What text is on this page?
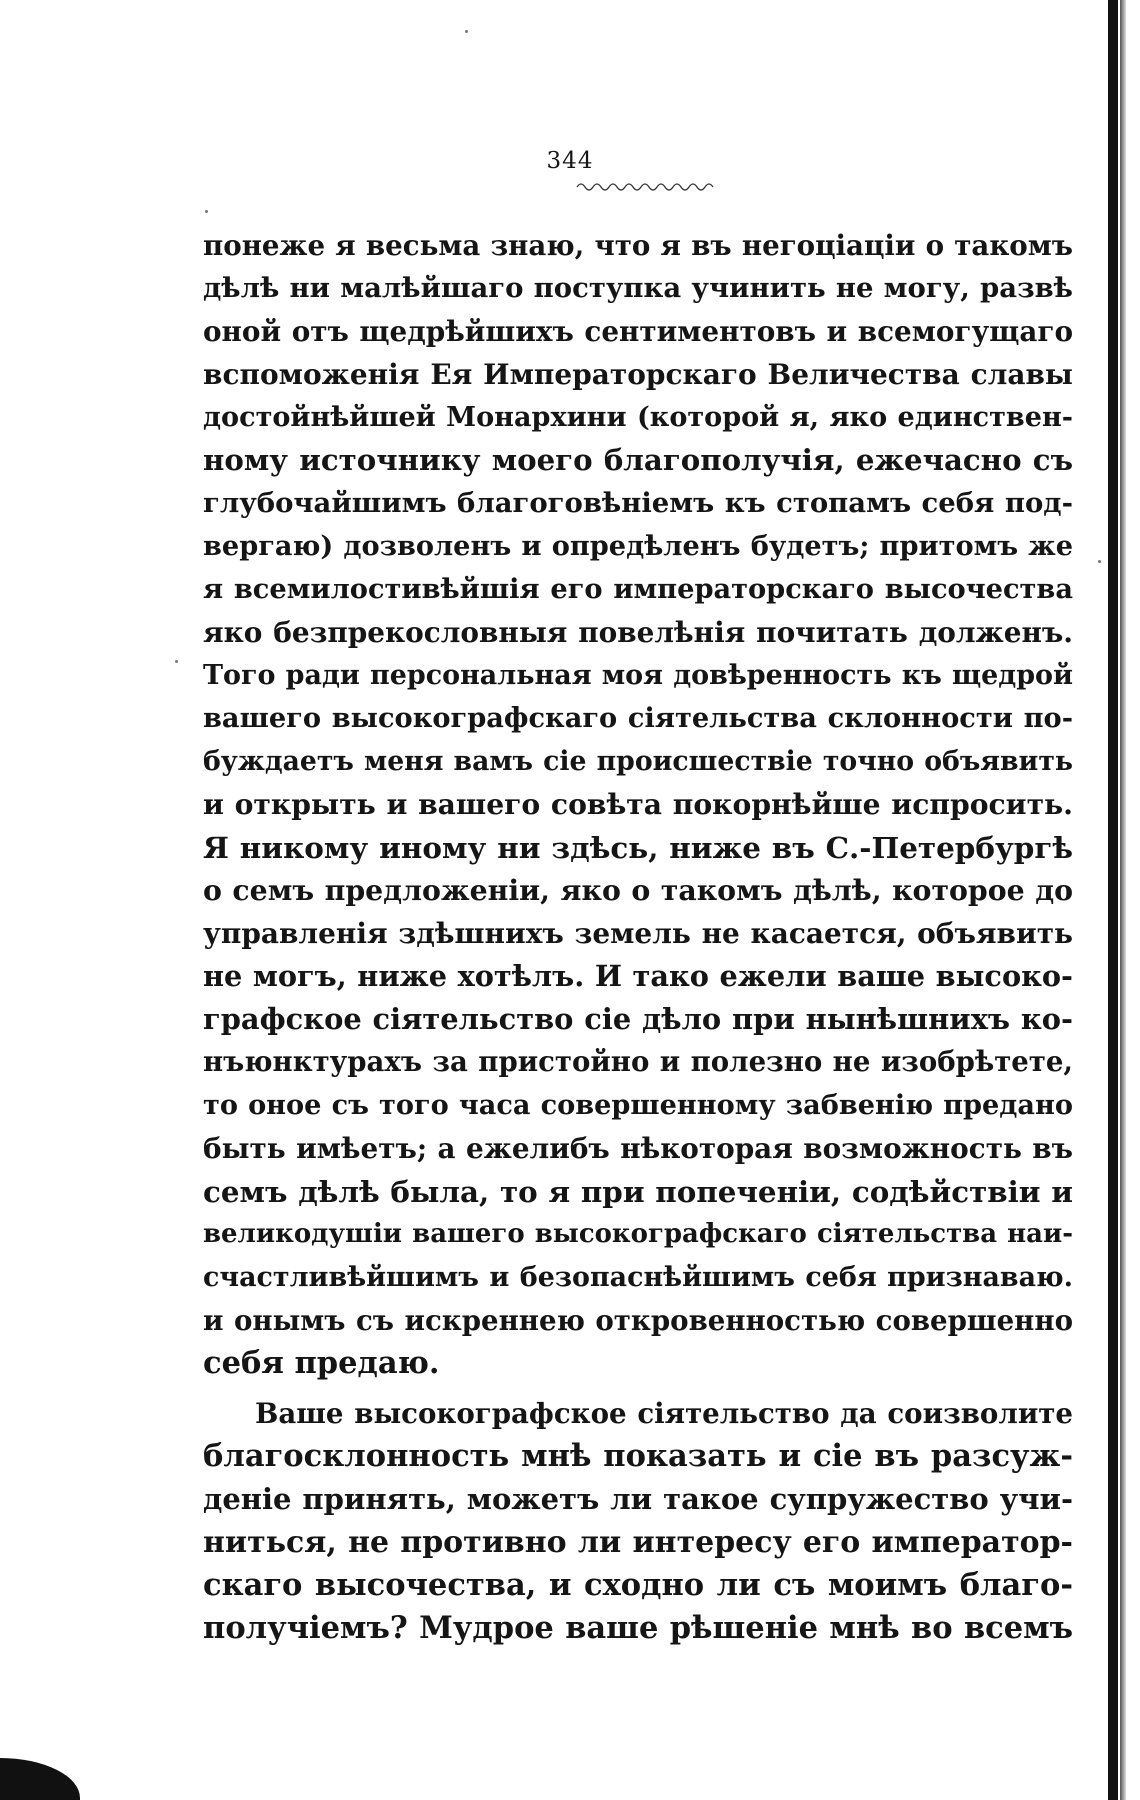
344
понеже я весьма знаю, что я въ негоціаціи о такомъ
дѣлѣ ни малѣйшаго поступка учинить не могу, развѣ
оной отъ щедрѣйшихъ сентиментовъ и всемогущаго
вспоможенія Ея Императорскаго Величества славы
достойнѣйшей Монархини (которой я, яко единствен-
ному источнику моего благополучія, ежечасно съ
глубочайшимъ благоговѣніемъ къ стопамъ себя под-
вергаю) дозволенъ и опредѣленъ будетъ; притомъ же
я всемилостивѣйшія его императорскаго высочества
яко безпрекословныя повелѣнія почитать долженъ.
Того ради персональная моя довѣренность къ щедрой
вашего высокографскаго сіятельства склонности по-
буждаетъ меня вамъ сіе происшествіе точно объявить
и открыть и вашего совѣта покорнѣйше испросить.
Я никому иному ни здѣсь, ниже въ С.-Петербургѣ
о семъ предложеніи, яко о такомъ дѣлѣ, которое до
управленія здѣшнихъ земель не касается, объявить
не могъ, ниже хотѣлъ. И тако ежели ваше высоко-
графское сіятельство сіе дѣло при нынѣшнихъ ко-
нъюнктурахъ за пристойно и полезно не изобрѣтете,
то оное съ того часа совершенному забвенію предано
быть имѣетъ; а ежелибъ нѣкоторая возможность въ
семъ дѣлѣ была, то я при попеченіи, содѣйствіи и
великодушіи вашего высокографскаго сіятельства наи-
счастливѣйшимъ и безопаснѣйшимъ себя признаваю.
и онымъ съ искреннею откровенностью совершенно
себя предаю.
Ваше высокографское сіятельство да соизволите
благосклонность мнѣ показать и сіе въ разсуж-
деніе принять, можетъ ли такое супружество учи-
ниться, не противно ли интересу его император-
скаго высочества, и сходно ли съ моимъ благо-
получіемъ? Мудрое ваше рѣшеніе мнѣ во всемъ
